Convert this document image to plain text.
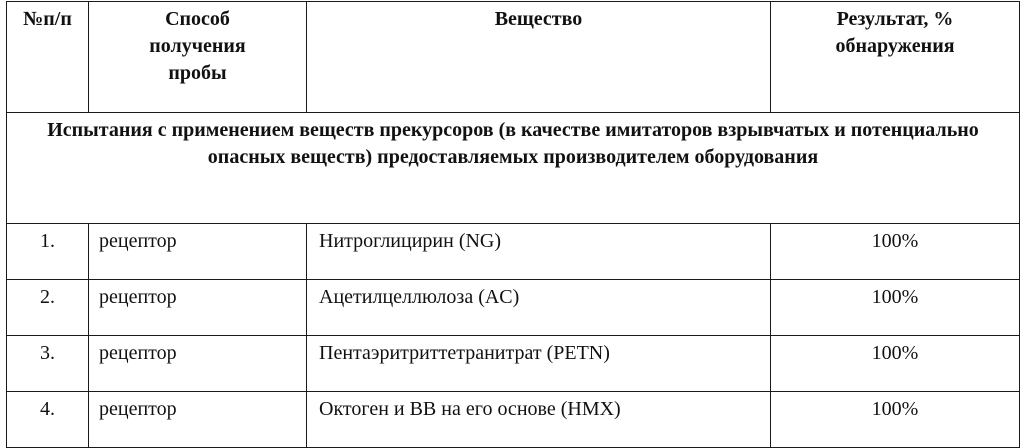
№п/п	Способ получения пробы	Вещество	Результат, % обнаружения
Испытания с применением веществ прекурсоров (в качестве имитаторов взрывчатых и потенциально опасных веществ) предоставляемых производителем оборудования			
1.	рецептор	Нитроглицирин (NG)	100%
2.	рецептор	Ацетилцеллюлоза (AC)	100%
3.	рецептор	Пентаэритриттетранитрат (PETN)	100%
4.	рецептор	Октоген и ВВ на его основе (HMX)	100%
